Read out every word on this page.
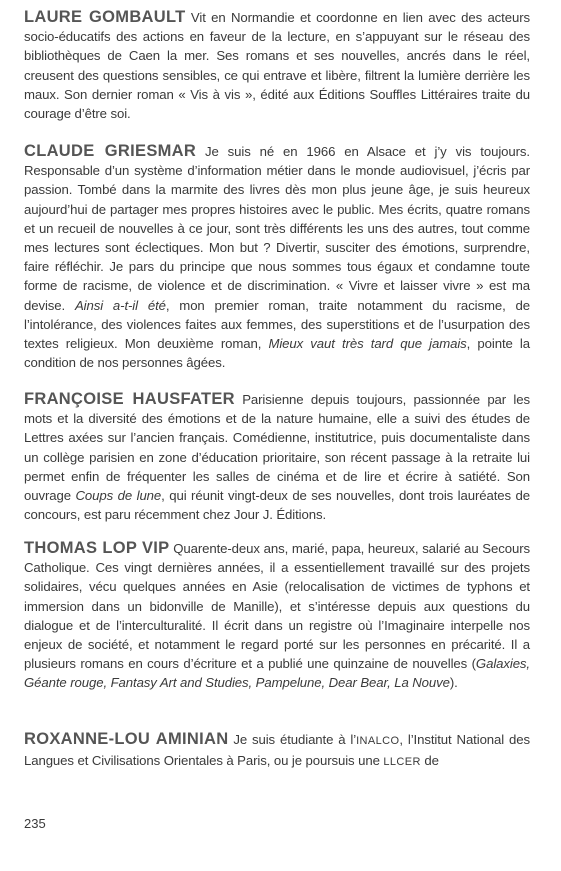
LAURE GOMBAULT Vit en Normandie et coordonne en lien avec des acteurs socio-éducatifs des actions en faveur de la lecture, en s’appuyant sur le réseau des bibliothèques de Caen la mer. Ses romans et ses nouvelles, ancrés dans le réel, creusent des questions sensibles, ce qui entrave et libère, filtrent la lumière derrière les maux. Son dernier roman « Vis à vis », édité aux Éditions Souffles Littéraires traite du courage d’être soi.

CLAUDE GRIESMAR Je suis né en 1966 en Alsace et j’y vis toujours. Responsable d’un système d’information métier dans le monde audiovisuel, j’écris par passion. Tombé dans la marmite des livres dès mon plus jeune âge, je suis heureux aujourd’hui de partager mes propres histoires avec le public. Mes écrits, quatre romans et un recueil de nouvelles à ce jour, sont très différents les uns des autres, tout comme mes lectures sont éclectiques. Mon but ? Divertir, susciter des émotions, surprendre, faire réfléchir. Je pars du principe que nous sommes tous égaux et condamne toute forme de racisme, de violence et de discrimination. « Vivre et laisser vivre » est ma devise. Ainsi a-t-il été, mon premier roman, traite notamment du racisme, de l’intolérance, des violences faites aux femmes, des superstitions et de l’usurpation des textes religieux. Mon deuxième roman, Mieux vaut très tard que jamais, pointe la condition de nos personnes âgées.

FRANÇOISE HAUSFATER Parisienne depuis toujours, passionnée par les mots et la diversité des émotions et de la nature humaine, elle a suivi des études de Lettres axées sur l’ancien français. Comédienne, institutrice, puis documentaliste dans un collège parisien en zone d’éducation prioritaire, son récent passage à la retraite lui permet enfin de fréquenter les salles de cinéma et de lire et écrire à satiété. Son ouvrage Coups de lune, qui réunit vingt-deux de ses nouvelles, dont trois lauréates de concours, est paru récemment chez Jour J. Éditions.

THOMAS LOP VIP Quarente-deux ans, marié, papa, heureux, salarié au Secours Catholique. Ces vingt dernières années, il a essentiellement travaillé sur des projets solidaires, vécu quelques années en Asie (relocalisation de victimes de typhons et immersion dans un bidonville de Manille), et s’intéresse depuis aux questions du dialogue et de l’interculturalité. Il écrit dans un registre où l’Imaginaire interpelle nos enjeux de société, et notamment le regard porté sur les personnes en précarité. Il a plusieurs romans en cours d’écriture et a publié une quinzaine de nouvelles (Galaxies, Géante rouge, Fantasy Art and Studies, Pampelune, Dear Bear, La Nouve).

ROXANNE-LOU AMINIAN Je suis étudiante à l’INALCO, l’Institut National des Langues et Civilisations Orientales à Paris, ou je poursuis une LLCER de

235
